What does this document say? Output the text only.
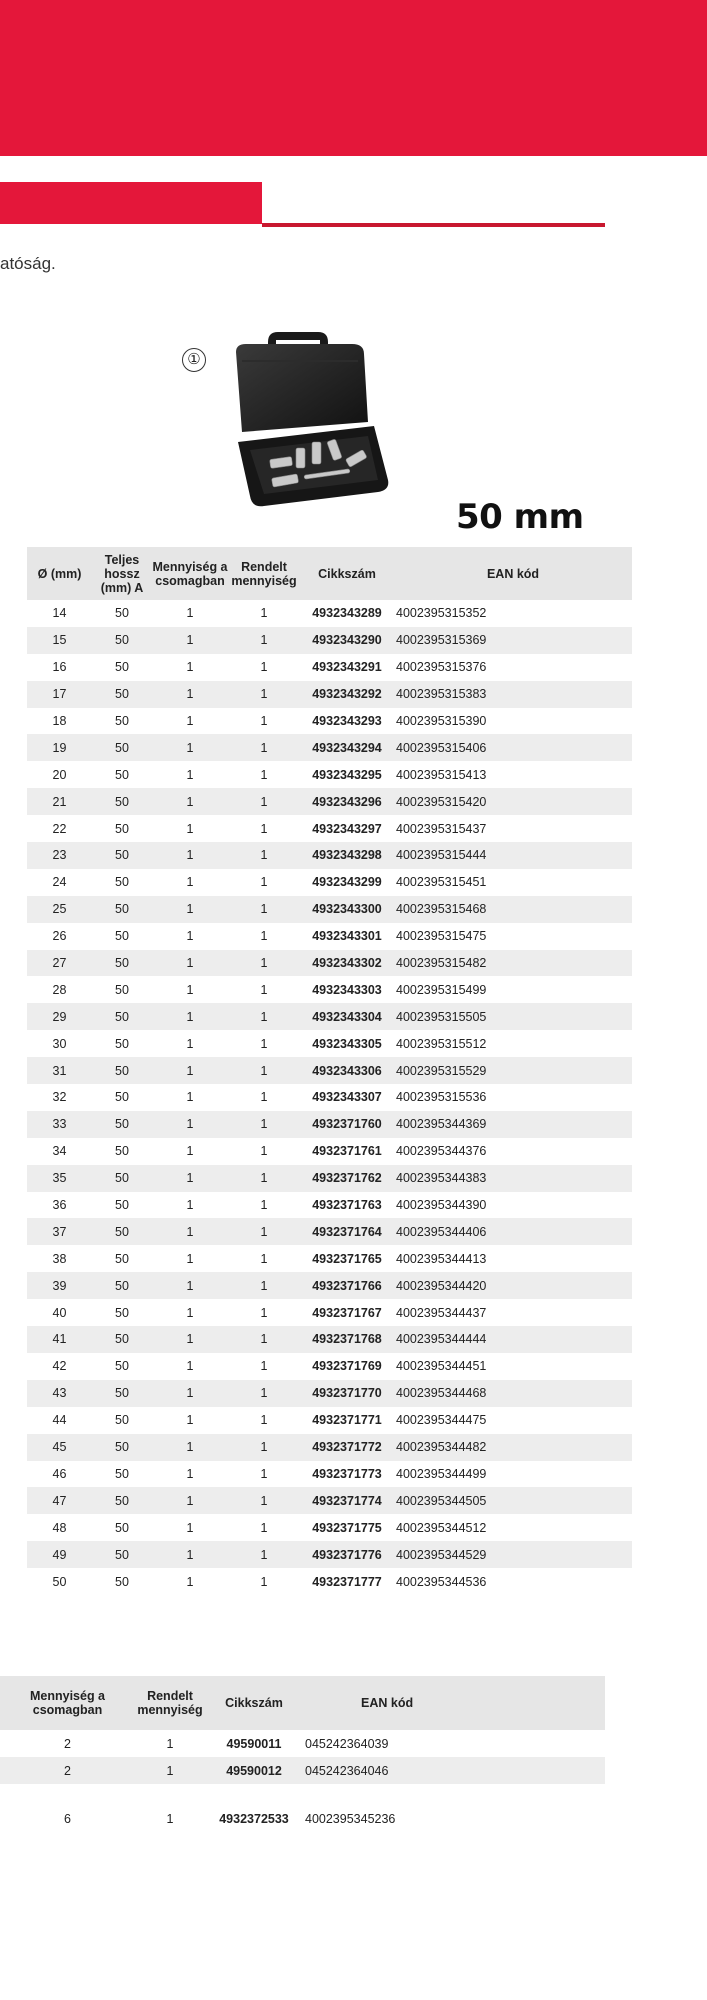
atóság.
①
50 mm
Ø (mm)	Teljes hossz (mm) A	Mennyiség a csomagban	Rendelt mennyiség	Cikkszám	EAN kód
14	50	1	1	4932343289	4002395315352
15	50	1	1	4932343290	4002395315369
16	50	1	1	4932343291	4002395315376
17	50	1	1	4932343292	4002395315383
18	50	1	1	4932343293	4002395315390
19	50	1	1	4932343294	4002395315406
20	50	1	1	4932343295	4002395315413
21	50	1	1	4932343296	4002395315420
22	50	1	1	4932343297	4002395315437
23	50	1	1	4932343298	4002395315444
24	50	1	1	4932343299	4002395315451
25	50	1	1	4932343300	4002395315468
26	50	1	1	4932343301	4002395315475
27	50	1	1	4932343302	4002395315482
28	50	1	1	4932343303	4002395315499
29	50	1	1	4932343304	4002395315505
30	50	1	1	4932343305	4002395315512
31	50	1	1	4932343306	4002395315529
32	50	1	1	4932343307	4002395315536
33	50	1	1	4932371760	4002395344369
34	50	1	1	4932371761	4002395344376
35	50	1	1	4932371762	4002395344383
36	50	1	1	4932371763	4002395344390
37	50	1	1	4932371764	4002395344406
38	50	1	1	4932371765	4002395344413
39	50	1	1	4932371766	4002395344420
40	50	1	1	4932371767	4002395344437
41	50	1	1	4932371768	4002395344444
42	50	1	1	4932371769	4002395344451
43	50	1	1	4932371770	4002395344468
44	50	1	1	4932371771	4002395344475
45	50	1	1	4932371772	4002395344482
46	50	1	1	4932371773	4002395344499
47	50	1	1	4932371774	4002395344505
48	50	1	1	4932371775	4002395344512
49	50	1	1	4932371776	4002395344529
50	50	1	1	4932371777	4002395344536
Mennyiség a csomagban	Rendelt mennyiség	Cikkszám	EAN kód
2	1	49590011	045242364039
2	1	49590012	045242364046

6	1	4932372533	4002395345236
